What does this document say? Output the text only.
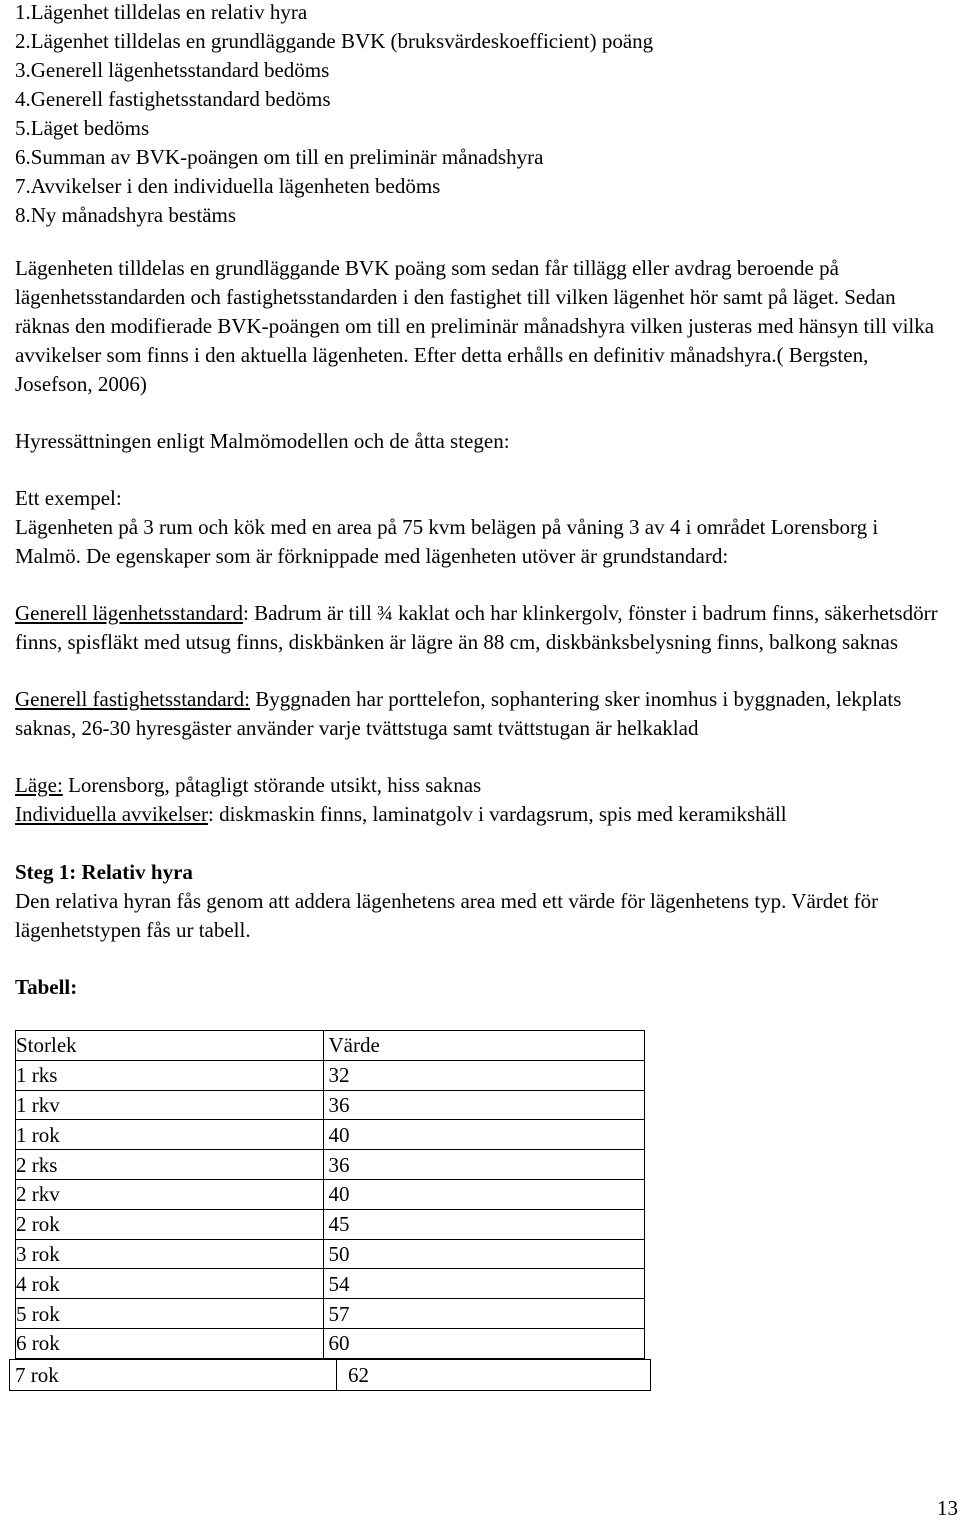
1.Lägenhet tilldelas en relativ hyra
2.Lägenhet tilldelas en grundläggande BVK (bruksvärdeskoefficient) poäng
3.Generell lägenhetsstandard bedöms
4.Generell fastighetsstandard bedöms
5.Läget bedöms
6.Summan av BVK-poängen om till en preliminär månadshyra
7.Avvikelser i den individuella lägenheten bedöms
8.Ny månadshyra bestäms
Lägenheten tilldelas en grundläggande BVK poäng som sedan får tillägg eller avdrag beroende på lägenhetsstandarden och fastighetsstandarden i den fastighet till vilken lägenhet hör samt på läget. Sedan räknas den modifierade BVK-poängen om till en preliminär månadshyra vilken justeras med hänsyn till vilka avvikelser som finns i den aktuella lägenheten. Efter detta erhålls en definitiv månadshyra.( Bergsten, Josefson, 2006)
Hyressättningen enligt Malmömodellen och de åtta stegen:
Ett exempel:
Lägenheten på 3 rum och kök med en area på 75 kvm belägen på våning 3 av 4 i området Lorensborg i Malmö. De egenskaper som är förknippade med lägenheten utöver är grundstandard:
Generell lägenhetsstandard: Badrum är till ¾ kaklat och har klinkergolv, fönster i badrum finns, säkerhetsdörr finns, spisfläkt med utsug finns, diskbänken är lägre än 88 cm, diskbänksbelysning finns, balkong saknas
Generell fastighetsstandard: Byggnaden har porttelefon, sophantering sker inomhus i byggnaden, lekplats saknas, 26-30 hyresgäster använder varje tvättstuga samt tvättstugan är helkaklad
Läge: Lorensborg, påtagligt störande utsikt, hiss saknas
Individuella avvikelser: diskmaskin finns, laminatgolv i vardagsrum, spis med keramikshäll
Steg 1: Relativ hyra
Den relativa hyran fås genom att addera lägenhetens area med ett värde för lägenhetens typ. Värdet för lägenhetstypen fås ur tabell.
Tabell:
Storlek	Värde
1 rks	32
1 rkv	36
1 rok	40
2 rks	36
2 rkv	40
2 rok	45
3 rok	50
4 rok	54
5 rok	57
6 rok	60
7 rok	62
13
